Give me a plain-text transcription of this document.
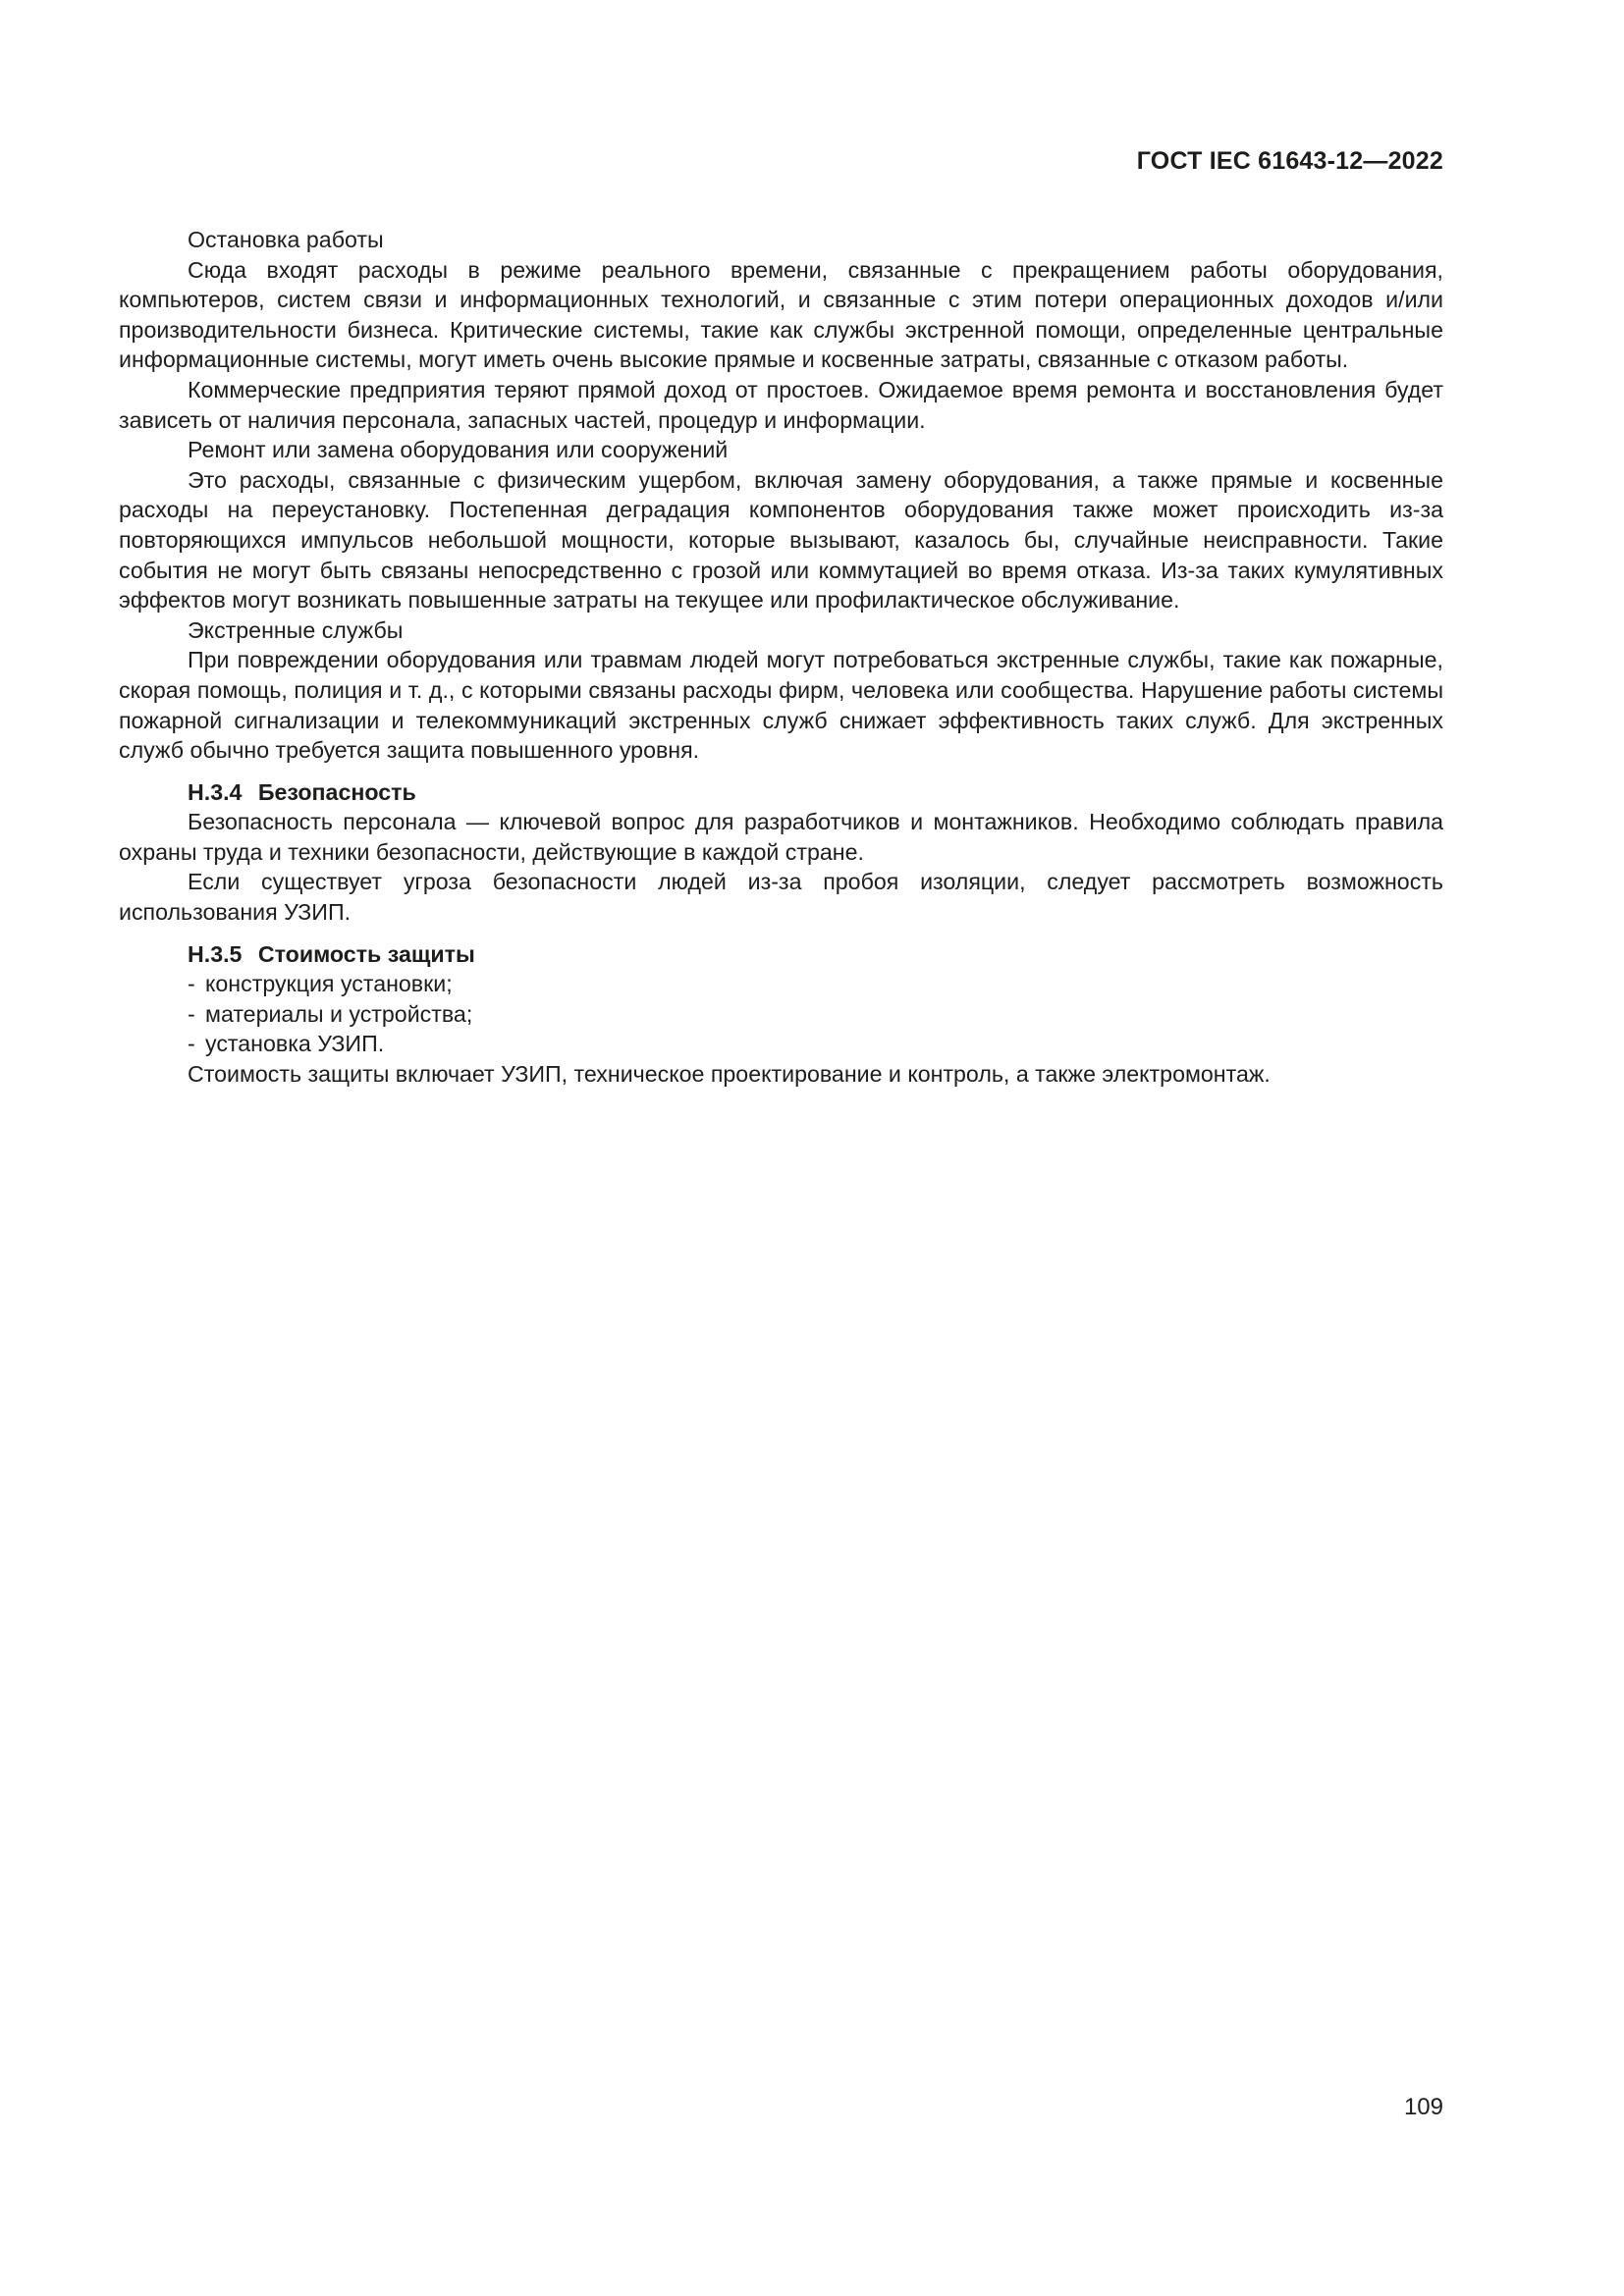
ГОСТ IEC 61643-12—2022

Остановка работы

Сюда входят расходы в режиме реального времени, связанные с прекращением работы оборудования, компьютеров, систем связи и информационных технологий, и связанные с этим потери операционных доходов и/или производительности бизнеса. Критические системы, такие как службы экстренной помощи, определенные центральные информационные системы, могут иметь очень высокие прямые и косвенные затраты, связанные с отказом работы.

Коммерческие предприятия теряют прямой доход от простоев. Ожидаемое время ремонта и восстановления будет зависеть от наличия персонала, запасных частей, процедур и информации.

Ремонт или замена оборудования или сооружений

Это расходы, связанные с физическим ущербом, включая замену оборудования, а также прямые и косвенные расходы на переустановку. Постепенная деградация компонентов оборудования также может происходить из-за повторяющихся импульсов небольшой мощности, которые вызывают, казалось бы, случайные неисправности. Такие события не могут быть связаны непосредственно с грозой или коммутацией во время отказа. Из-за таких кумулятивных эффектов могут возникать повышенные затраты на текущее или профилактическое обслуживание.

Экстренные службы

При повреждении оборудования или травмам людей могут потребоваться экстренные службы, такие как пожарные, скорая помощь, полиция и т. д., с которыми связаны расходы фирм, человека или сообщества. Нарушение работы системы пожарной сигнализации и телекоммуникаций экстренных служб снижает эффективность таких служб. Для экстренных служб обычно требуется защита повышенного уровня.

Н.3.4 Безопасность

Безопасность персонала — ключевой вопрос для разработчиков и монтажников. Необходимо соблюдать правила охраны труда и техники безопасности, действующие в каждой стране.

Если существует угроза безопасности людей из-за пробоя изоляции, следует рассмотреть возможность использования УЗИП.

Н.3.5 Стоимость защиты
- конструкция установки;
- материалы и устройства;
- установка УЗИП.

Стоимость защиты включает УЗИП, техническое проектирование и контроль, а также электромонтаж.

109
